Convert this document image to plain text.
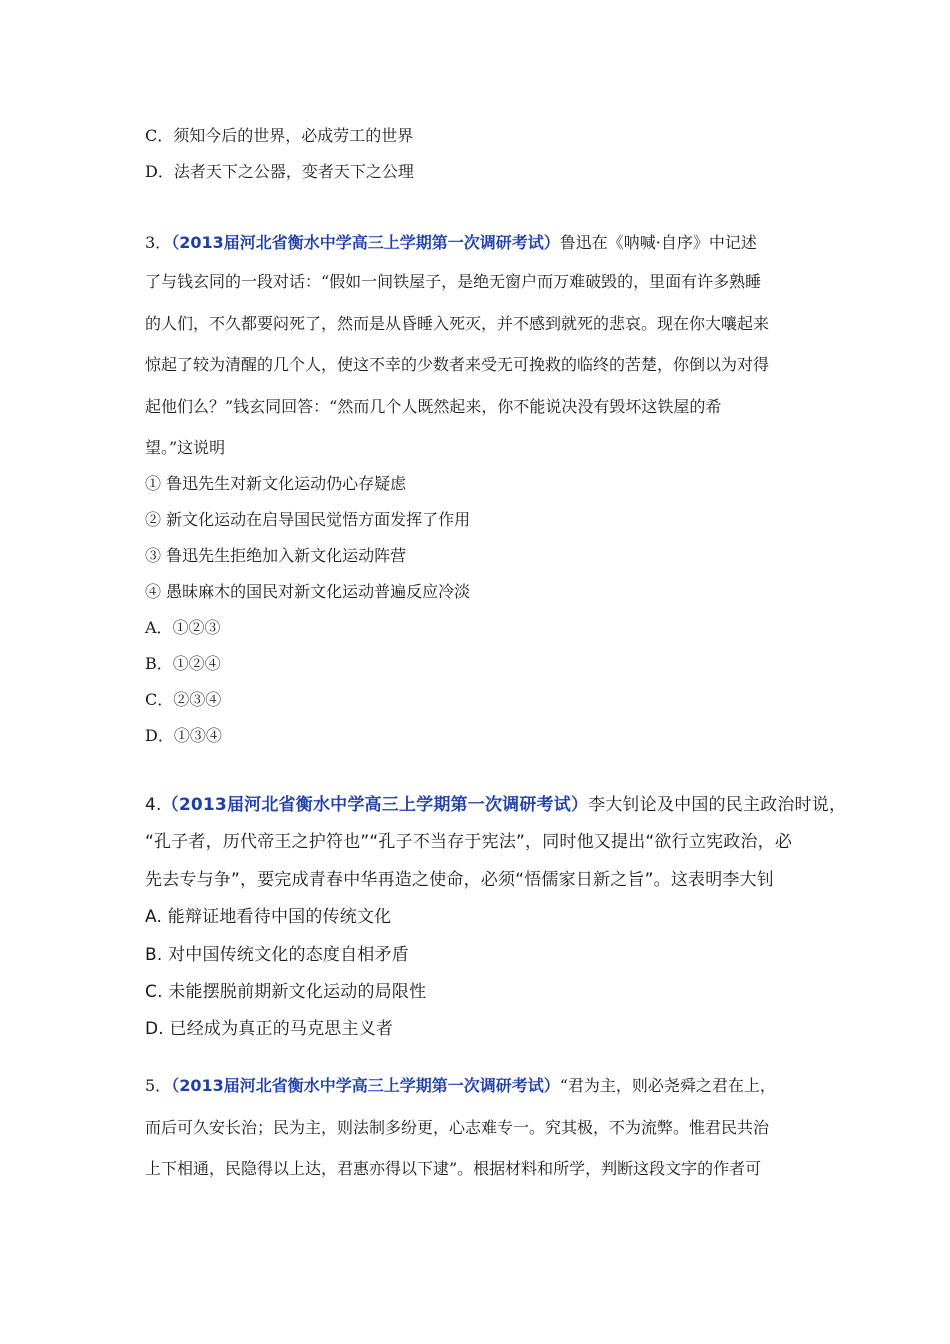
C．须知今后的世界，必成劳工的世界
D．法者天下之公器，变者天下之公理
3．（2013届河北省衡水中学高三上学期第一次调研考试）鲁迅在《呐喊·自序》中记述
了与钱玄同的一段对话：“假如一间铁屋子，是绝无窗户而万难破毁的，里面有许多熟睡
的人们，不久都要闷死了，然而是从昏睡入死灭，并不感到就死的悲哀。现在你大嚷起来
惊起了较为清醒的几个人，使这不幸的少数者来受无可挽救的临终的苦楚，你倒以为对得
起他们么？”钱玄同回答：“然而几个人既然起来，你不能说决没有毁坏这铁屋的希
望。”这说明
① 鲁迅先生对新文化运动仍心存疑虑
② 新文化运动在启导国民觉悟方面发挥了作用
③ 鲁迅先生拒绝加入新文化运动阵营
④ 愚昧麻木的国民对新文化运动普遍反应冷淡
A．①②③
B．①②④
C．②③④
D．①③④
4.（2013届河北省衡水中学高三上学期第一次调研考试）李大钊论及中国的民主政治时说，
“孔子者，历代帝王之护符也”“孔子不当存于宪法”，同时他又提出“欲行立宪政治，必
先去专与争”，要完成青春中华再造之使命，必须“悟儒家日新之旨”。这表明李大钊
A. 能辩证地看待中国的传统文化
B. 对中国传统文化的态度自相矛盾
C. 未能摆脱前期新文化运动的局限性
D. 已经成为真正的马克思主义者
5．（2013届河北省衡水中学高三上学期第一次调研考试）“君为主，则必尧舜之君在上，
而后可久安长治；民为主，则法制多纷更，心志难专一。究其极，不为流弊。惟君民共治
上下相通，民隐得以上达，君惠亦得以下逮”。根据材料和所学，判断这段文字的作者可
